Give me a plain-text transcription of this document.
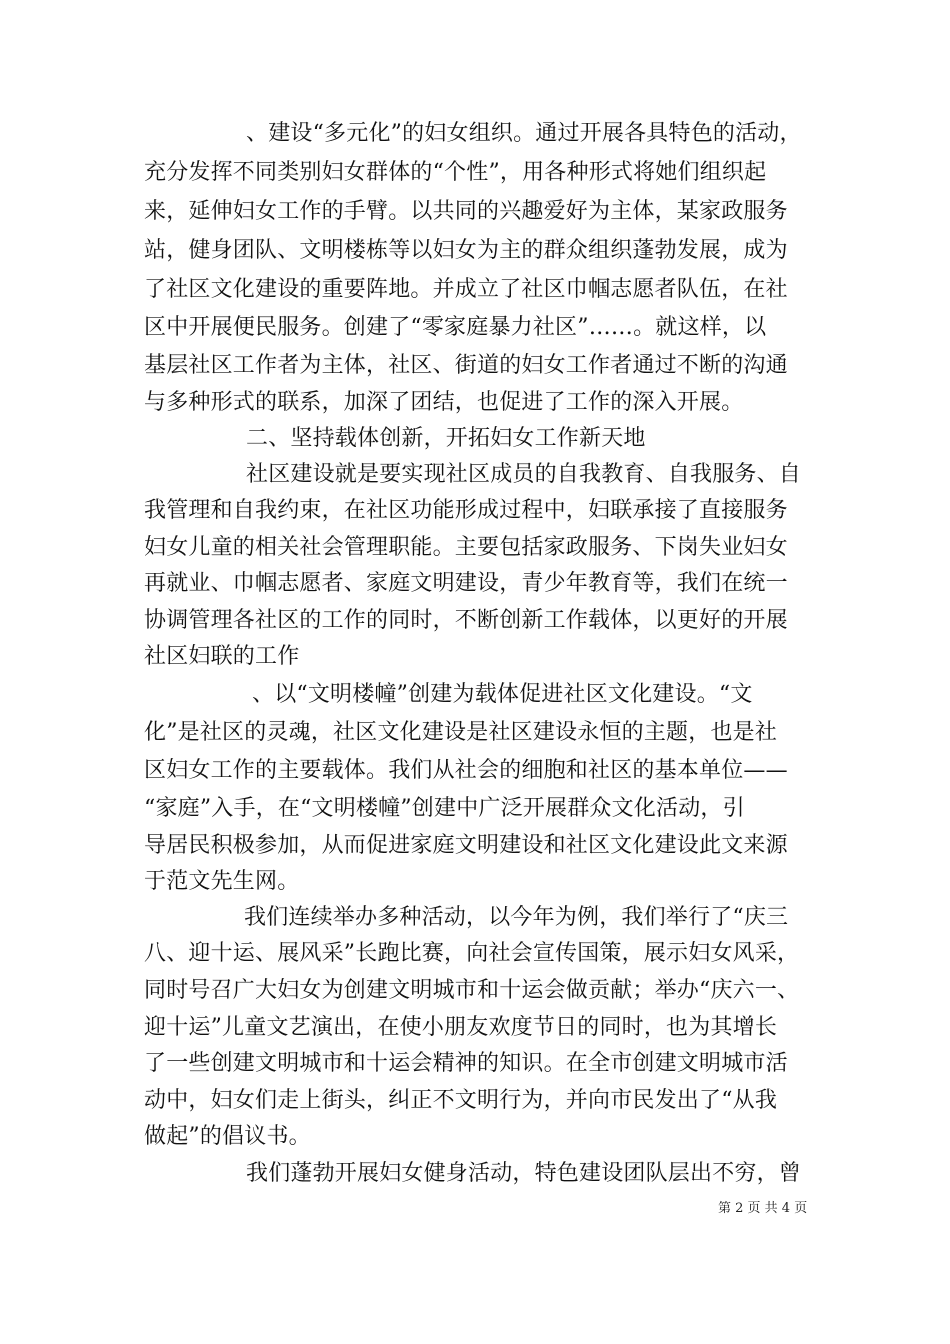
、建设“多元化”的妇女组织。通过开展各具特色的活动，
充分发挥不同类别妇女群体的“个性”，用各种形式将她们组织起
来，延伸妇女工作的手臂。以共同的兴趣爱好为主体，某家政服务
站，健身团队、文明楼栋等以妇女为主的群众组织蓬勃发展，成为
了社区文化建设的重要阵地。并成立了社区巾帼志愿者队伍，在社
区中开展便民服务。创建了“零家庭暴力社区”……。就这样，以
基层社区工作者为主体，社区、街道的妇女工作者通过不断的沟通
与多种形式的联系，加深了团结，也促进了工作的深入开展。
二、坚持载体创新，开拓妇女工作新天地
社区建设就是要实现社区成员的自我教育、自我服务、自
我管理和自我约束，在社区功能形成过程中，妇联承接了直接服务
妇女儿童的相关社会管理职能。主要包括家政服务、下岗失业妇女
再就业、巾帼志愿者、家庭文明建设，青少年教育等，我们在统一
协调管理各社区的工作的同时，不断创新工作载体，以更好的开展
社区妇联的工作
、以“文明楼幢”创建为载体促进社区文化建设。“文
化”是社区的灵魂，社区文化建设是社区建设永恒的主题，也是社
区妇女工作的主要载体。我们从社会的细胞和社区的基本单位——
“家庭”入手，在“文明楼幢”创建中广泛开展群众文化活动，引
导居民积极参加，从而促进家庭文明建设和社区文化建设此文来源
于范文先生网。
我们连续举办多种活动，以今年为例，我们举行了“庆三
八、迎十运、展风采”长跑比赛，向社会宣传国策，展示妇女风采，
同时号召广大妇女为创建文明城市和十运会做贡献；举办“庆六一、
迎十运”儿童文艺演出，在使小朋友欢度节日的同时，也为其增长
了一些创建文明城市和十运会精神的知识。在全市创建文明城市活
动中，妇女们走上街头，纠正不文明行为，并向市民发出了“从我
做起”的倡议书。
我们蓬勃开展妇女健身活动，特色建设团队层出不穷，曾
第 2 页 共 4 页
